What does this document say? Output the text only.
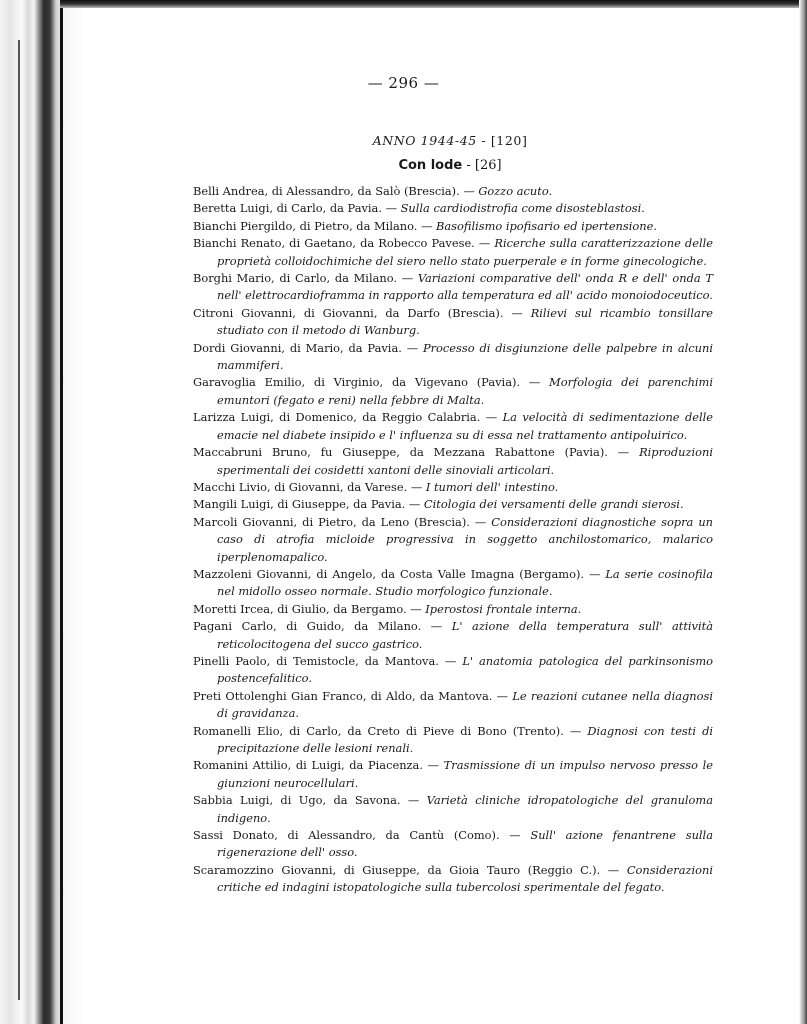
— 296 —
ANNO 1944-45 - [120]
Con lode - [26]

Belli Andrea, di Alessandro, da Salò (Brescia). — Gozzo acuto.

Beretta Luigi, di Carlo, da Pavia. — Sulla cardiodistrofia come disosteblastosi.

Bianchi Piergildo, di Pietro, da Milano. — Basofilismo ipofisario ed ipertensione.

Bianchi Renato, di Gaetano, da Robecco Pavese. — Ricerche sulla caratterizzazione delle proprietà colloidochimiche del siero nello stato puerperale e in forme ginecologiche.

Borghi Mario, di Carlo, da Milano. — Variazioni comparative dell' onda R e dell' onda T nell' elettrocardioframma in rapporto alla temperatura ed all' acido monoiodoceutico.

Citroni Giovanni, di Giovanni, da Darfo (Brescia). — Rilievi sul ricambio tonsillare studiato con il metodo di Wanburg.

Dordi Giovanni, di Mario, da Pavia. — Processo di disgiunzione delle palpebre in alcuni mammiferi.

Garavoglia Emilio, di Virginio, da Vigevano (Pavia). — Morfologia dei parenchimi emuntori (fegato e reni) nella febbre di Malta.

Larizza Luigi, di Domenico, da Reggio Calabria. — La velocità di sedimentazione delle emacie nel diabete insipido e l' influenza su di essa nel trattamento antipoluirico.

Maccabruni Bruno, fu Giuseppe, da Mezzana Rabattone (Pavia). — Riproduzioni sperimentali dei cosidetti xantoni delle sinoviali articolari.

Macchi Livio, di Giovanni, da Varese. — I tumori dell' intestino.

Mangili Luigi, di Giuseppe, da Pavia. — Citologia dei versamenti delle grandi sierosi.

Marcoli Giovanni, di Pietro, da Leno (Brescia). — Considerazioni diagnostiche sopra un caso di atrofia micloide progressiva in soggetto anchilostomarico, malarico iperplenomapalico.

Mazzoleni Giovanni, di Angelo, da Costa Valle Imagna (Bergamo). — La serie cosinofila nel midollo osseo normale. Studio morfologico funzionale.

Moretti Ircea, di Giulio, da Bergamo. — Iperostosi frontale interna.

Pagani Carlo, di Guido, da Milano. — L' azione della temperatura sull' attività reticolocitogena del succo gastrico.

Pinelli Paolo, di Temistocle, da Mantova. — L' anatomia patologica del parkinsonismo postencefalitico.

Preti Ottolenghi Gian Franco, di Aldo, da Mantova. — Le reazioni cutanee nella diagnosi di gravidanza.

Romanelli Elio, di Carlo, da Creto di Pieve di Bono (Trento). — Diagnosi con testi di precipitazione delle lesioni renali.

Romanini Attilio, di Luigi, da Piacenza. — Trasmissione di un impulso nervoso presso le giunzioni neurocellulari.

Sabbia Luigi, di Ugo, da Savona. — Varietà cliniche idropatologiche del granuloma indigeno.

Sassi Donato, di Alessandro, da Cantù (Como). — Sull' azione fenantrene sulla rigenerazione dell' osso.

Scaramozzino Giovanni, di Giuseppe, da Gioia Tauro (Reggio C.). — Considerazioni critiche ed indagini istopatologiche sulla tubercolosi sperimentale del fegato.
